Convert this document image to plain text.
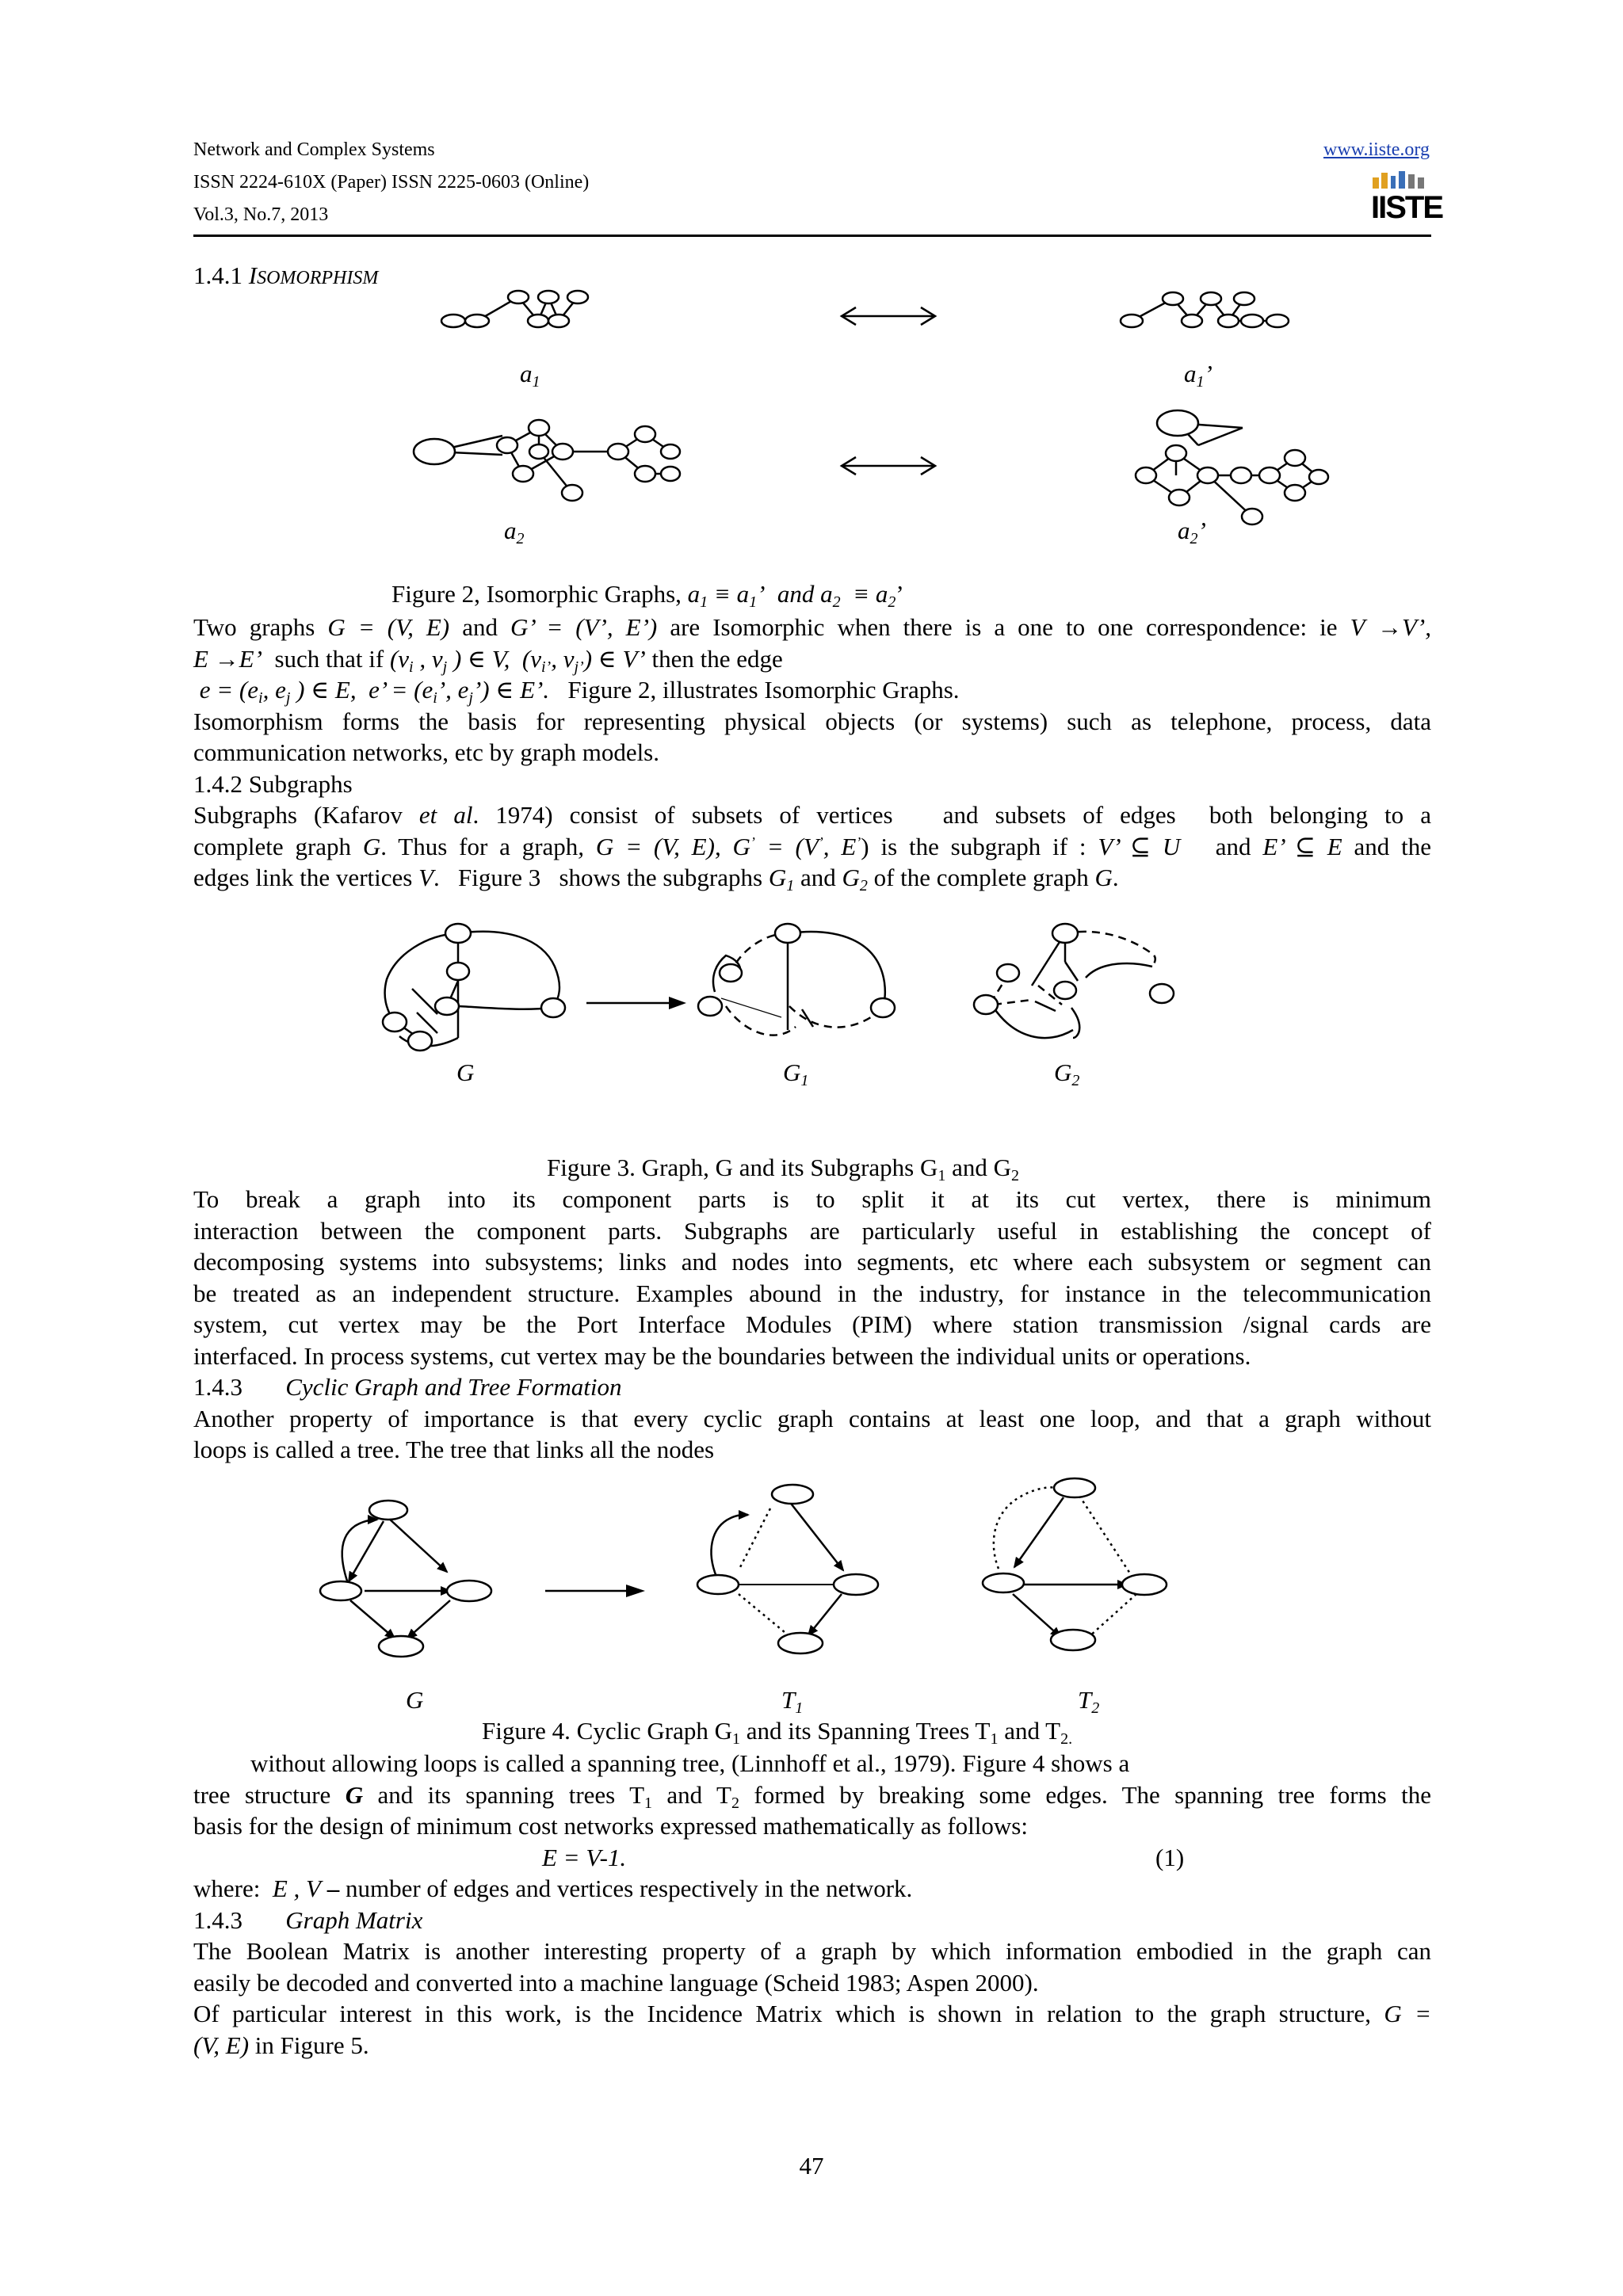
Network and Complex Systems
ISSN 2224-610X (Paper) ISSN 2225-0603 (Online)
Vol.3, No.7, 2013
www.iiste.org
IISTE
1.4.1 ISOMORPHISM
$a_1$	$a_1$’
$a_2$	$a_2$’
Figure 2, Isomorphic Graphs, $a_1 \equiv a_1$’  and $a_2 \equiv a_2$’
Two graphs G = (V, E) and G’ = (V’, E’) are Isomorphic when there is a one to one correspondence: ie V →V’,
E →E’ such that if ($v_i$ , $v_j$ ) ∈ V,  ($v_{i’}$, $v_{j’}$) ∈ V’ then the edge
$e = (e_i$, $e_j$ ) ∈ E,  e’ = ($e_i$’, $e_j$’) ∈ E’. Figure 2, illustrates Isomorphic Graphs.
Isomorphism forms the basis for representing physical objects (or systems) such as telephone, process, data
communication networks, etc by graph models.
1.4.2 Subgraphs
Subgraphs (Kafarov et al. 1974) consist of subsets of vertices   and subsets of edges  both belonging to a
complete graph G. Thus for a graph, G = (V, E), G’ = (V’, E’) is the subgraph if : V’ ⊆ U   and E’ ⊆ E and the
edges link the vertices V.   Figure 3   shows the subgraphs $G_1$ and $G_2$ of the complete graph G.
G	$G_1$	$G_2$
Figure 3. Graph, G and its Subgraphs $G_1$ and $G_2$
To break a graph into its component parts is to split it at its cut vertex, there is minimum
interaction between the component parts. Subgraphs are particularly useful in establishing the concept of
decomposing systems into subsystems; links and nodes into segments, etc where each subsystem or segment can
be treated as an independent structure. Examples abound in the industry, for instance in the telecommunication
system, cut vertex may be the Port Interface Modules (PIM) where station transmission /signal cards are
interfaced. In process systems, cut vertex may be the boundaries between the individual units or operations.
1.4.3 Cyclic Graph and Tree Formation
Another property of importance is that every cyclic graph contains at least one loop, and that a graph without
loops is called a tree. The tree that links all the nodes
G	$T_1$	$T_2$
Figure 4. Cyclic Graph $G_1$ and its Spanning Trees $T_1$ and $T_{2.}$
without allowing loops is called a spanning tree, (Linnhoff et al., 1979). Figure 4 shows a
tree structure G and its spanning trees $T_1$ and $T_2$ formed by breaking some edges. The spanning tree forms the
basis for the design of minimum cost networks expressed mathematically as follows:
E = V-1.	(1)
where:  E , V – number of edges and vertices respectively in the network.
1.4.3 Graph Matrix
The Boolean Matrix is another interesting property of a graph by which information embodied in the graph can
easily be decoded and converted into a machine language (Scheid 1983; Aspen 2000).
Of particular interest in this work, is the Incidence Matrix which is shown in relation to the graph structure, G =
(V, E) in Figure 5.
47
